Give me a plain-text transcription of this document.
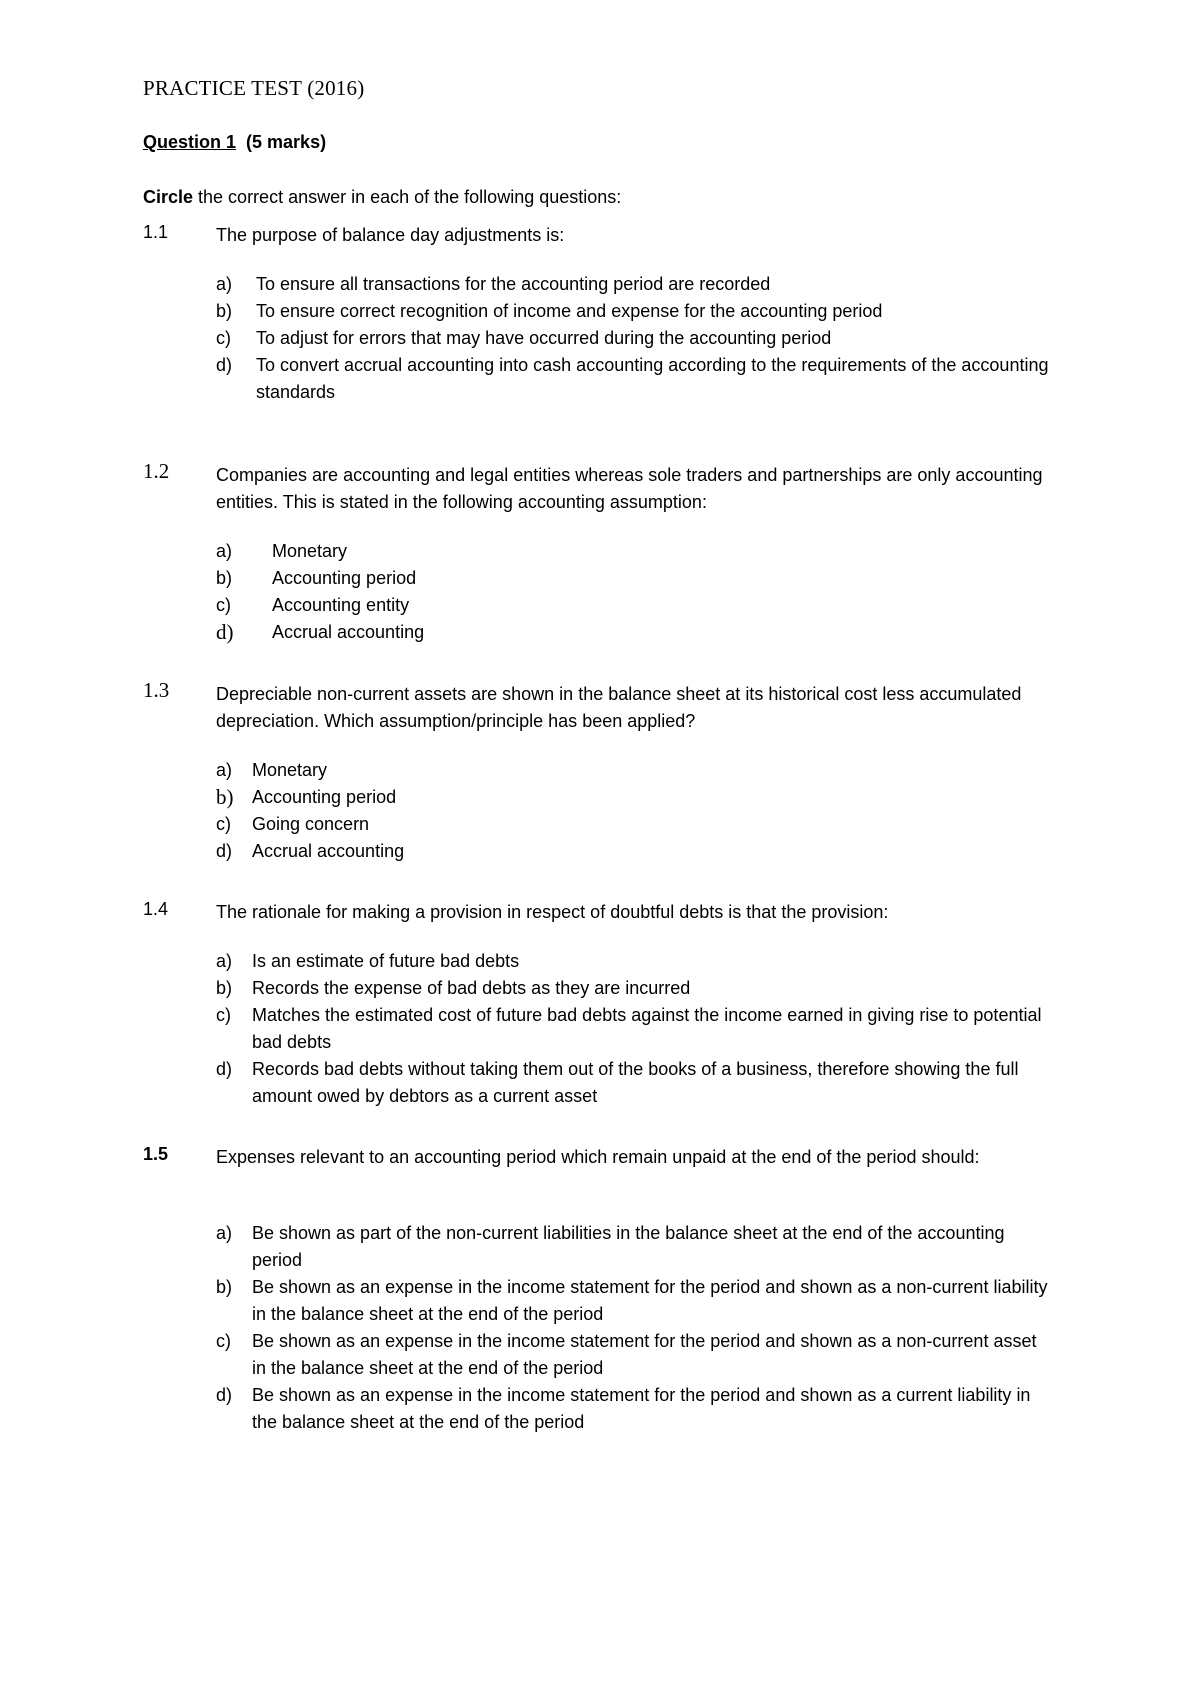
PRACTICE TEST (2016)
Question 1 (5 marks)
Circle the correct answer in each of the following questions:
1.1	The purpose of balance day adjustments is:
a) To ensure all transactions for the accounting period are recorded
b) To ensure correct recognition of income and expense for the accounting period
c) To adjust for errors that may have occurred during the accounting period
d) To convert accrual accounting into cash accounting according to the requirements of the accounting standards
1.2	Companies are accounting and legal entities whereas sole traders and partnerships are only accounting entities. This is stated in the following accounting assumption:
a) Monetary
b) Accounting period
c) Accounting entity
d) Accrual accounting
1.3	Depreciable non-current assets are shown in the balance sheet at its historical cost less accumulated depreciation. Which assumption/principle has been applied?
a) Monetary
b) Accounting period
c) Going concern
d) Accrual accounting
1.4	The rationale for making a provision in respect of doubtful debts is that the provision:
a) Is an estimate of future bad debts
b) Records the expense of bad debts as they are incurred
c) Matches the estimated cost of future bad debts against the income earned in giving rise to potential bad debts
d) Records bad debts without taking them out of the books of a business, therefore showing the full amount owed by debtors as a current asset
1.5	Expenses relevant to an accounting period which remain unpaid at the end of the period should:
a) Be shown as part of the non-current liabilities in the balance sheet at the end of the accounting period
b) Be shown as an expense in the income statement for the period and shown as a non-current liability in the balance sheet at the end of the period
c) Be shown as an expense in the income statement for the period and shown as a non-current asset in the balance sheet at the end of the period
d) Be shown as an expense in the income statement for the period and shown as a current liability in the balance sheet at the end of the period
